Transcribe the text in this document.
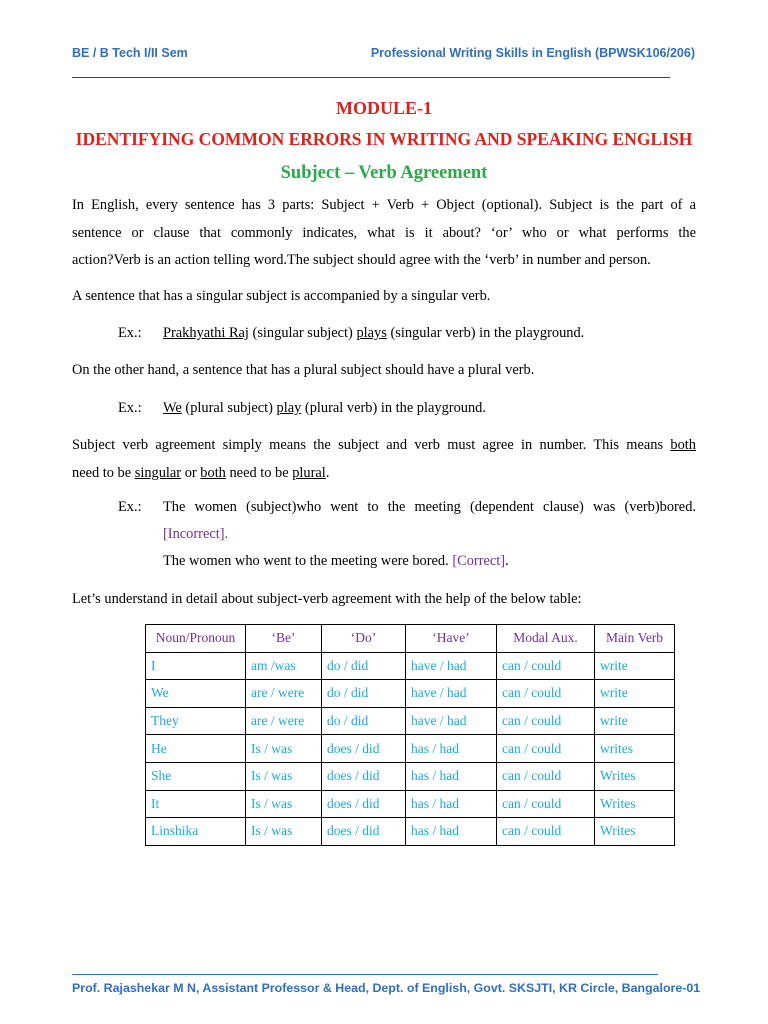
BE / B Tech I/II Sem	Professional Writing Skills in English (BPWSK106/206)
MODULE-1
IDENTIFYING COMMON ERRORS IN WRITING AND SPEAKING ENGLISH
Subject – Verb Agreement
In English, every sentence has 3 parts: Subject + Verb + Object (optional). Subject is the part of a
sentence or clause that commonly indicates, what is it about? ‘or’ who or what performs the
action?Verb is an action telling word.The subject should agree with the ‘verb’ in number and person.
A sentence that has a singular subject is accompanied by a singular verb.
Ex.: Prakhyathi Raj (singular subject) plays (singular verb) in the playground.
On the other hand, a sentence that has a plural subject should have a plural verb.
Ex.: We (plural subject) play (plural verb) in the playground.
Subject verb agreement simply means the subject and verb must agree in number. This means both
need to be singular or both need to be plural.
Ex.: The women (subject)who went to the meeting (dependent clause) was (verb)bored.
[Incorrect].
The women who went to the meeting were bored. [Correct].
Let’s understand in detail about subject-verb agreement with the help of the below table:
Noun/Pronoun	‘Be’	‘Do’	‘Have’	Modal Aux.	Main Verb
I	am /was	do / did	have / had	can / could	write
We	are / were	do / did	have / had	can / could	write
They	are / were	do / did	have / had	can / could	write
He	Is / was	does / did	has / had	can / could	writes
She	Is / was	does / did	has / had	can / could	Writes
It	Is / was	does / did	has / had	can / could	Writes
Linshika	Is / was	does / did	has / had	can / could	Writes
Prof. Rajashekar M N, Assistant Professor & Head, Dept. of English, Govt. SKSJTI, KR Circle, Bangalore-01
